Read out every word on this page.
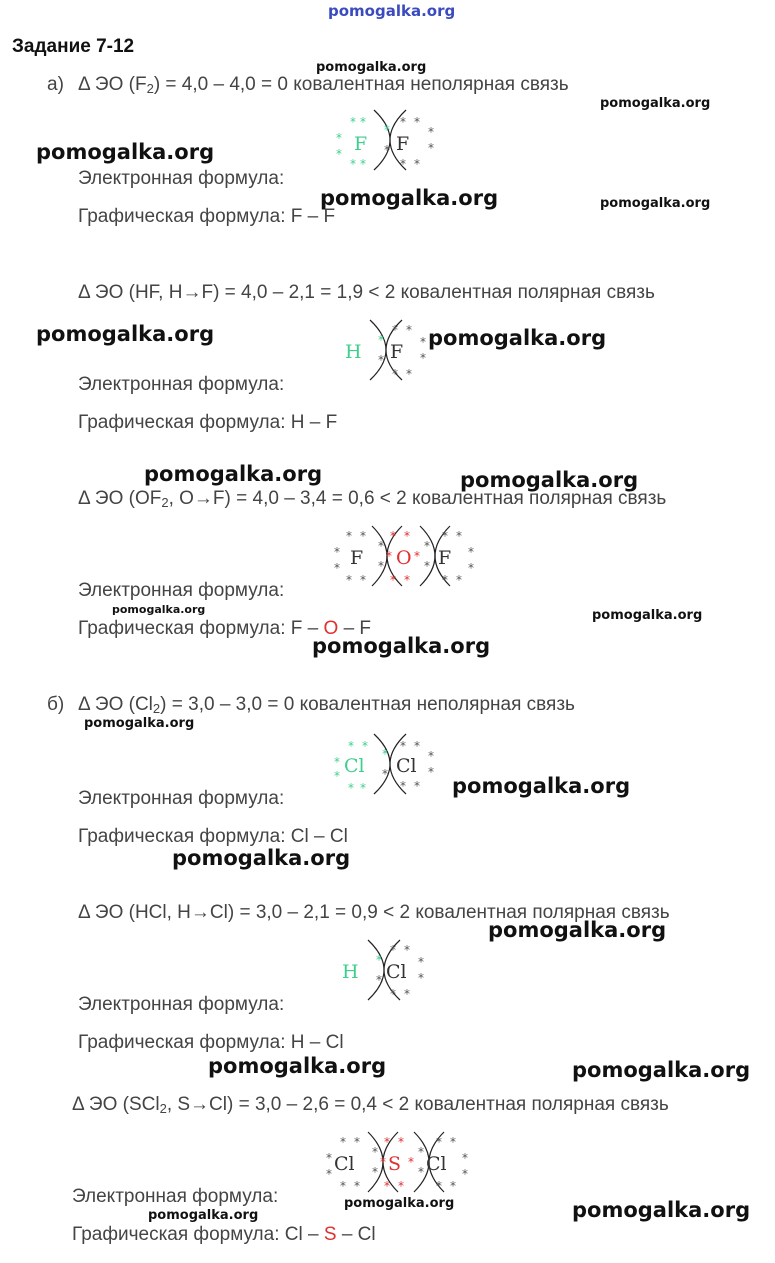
pomogalka.org
Задание 7-12
а) Δ ЭО $(F_2) = 4,0 - 4,0 = 0$ ковалентная неполярная связь
* *
*
*
* *
*
F
* *
*
*
* *
* F
Электронная формула:
Графическая формула: F – F
Δ ЭО (HF, H→F) = 4,0 – 2,1 = 1,9 < 2 ковалентная полярная связь
H
*
* F
* *
*
*
* *
Электронная формула:
Графическая формула: H – F
Δ ЭО ($OF_2$, O→F) = 4,0 – 3,4 = 0,6 < 2 ковалентная полярная связь
* *
*
*
* *
*
*
*
*
* *
*
*
* *
* *
* *
* *
O
F	F
Электронная формула:
Графическая формула: F – O – F
б) Δ ЭО $(Cl_2) = 3,0 - 3,0 = 0$ ковалентная неполярная связь
* *
*
*
* *
*
Cl
* *
*
*
* *
* Cl
Электронная формула:
Графическая формула: Cl – Cl
Δ ЭО (HCl, H→Cl) = 3,0 – 2,1 = 0,9 < 2 ковалентная полярная связь
H
*
* Cl
* *
*
*
* *
Электронная формула:
Графическая формула: H – Cl
Δ ЭО (SCl$_2$, S→Cl) = 3,0 – 2,6 = 0,4 < 2 ковалентная полярная связь
* *
*
*
* *
*
*
*
*
* *
*
*
* *
* *
* *
* *
S
Cl	Cl
Электронная формула:
Графическая формула: Cl – S – Cl
pomogalka.org
pomogalka.org
pomogalka.org
pomogalka.org	pomogalka.org
pomogalka.org	pomogalka.org
pomogalka.org	pomogalka.org
pomogalka.org	pomogalka.org
pomogalka.org
pomogalka.org
pomogalka.org
pomogalka.org
pomogalka.org
pomogalka.org	pomogalka.org
pomogalka.org
pomogalka.org	pomogalka.org
